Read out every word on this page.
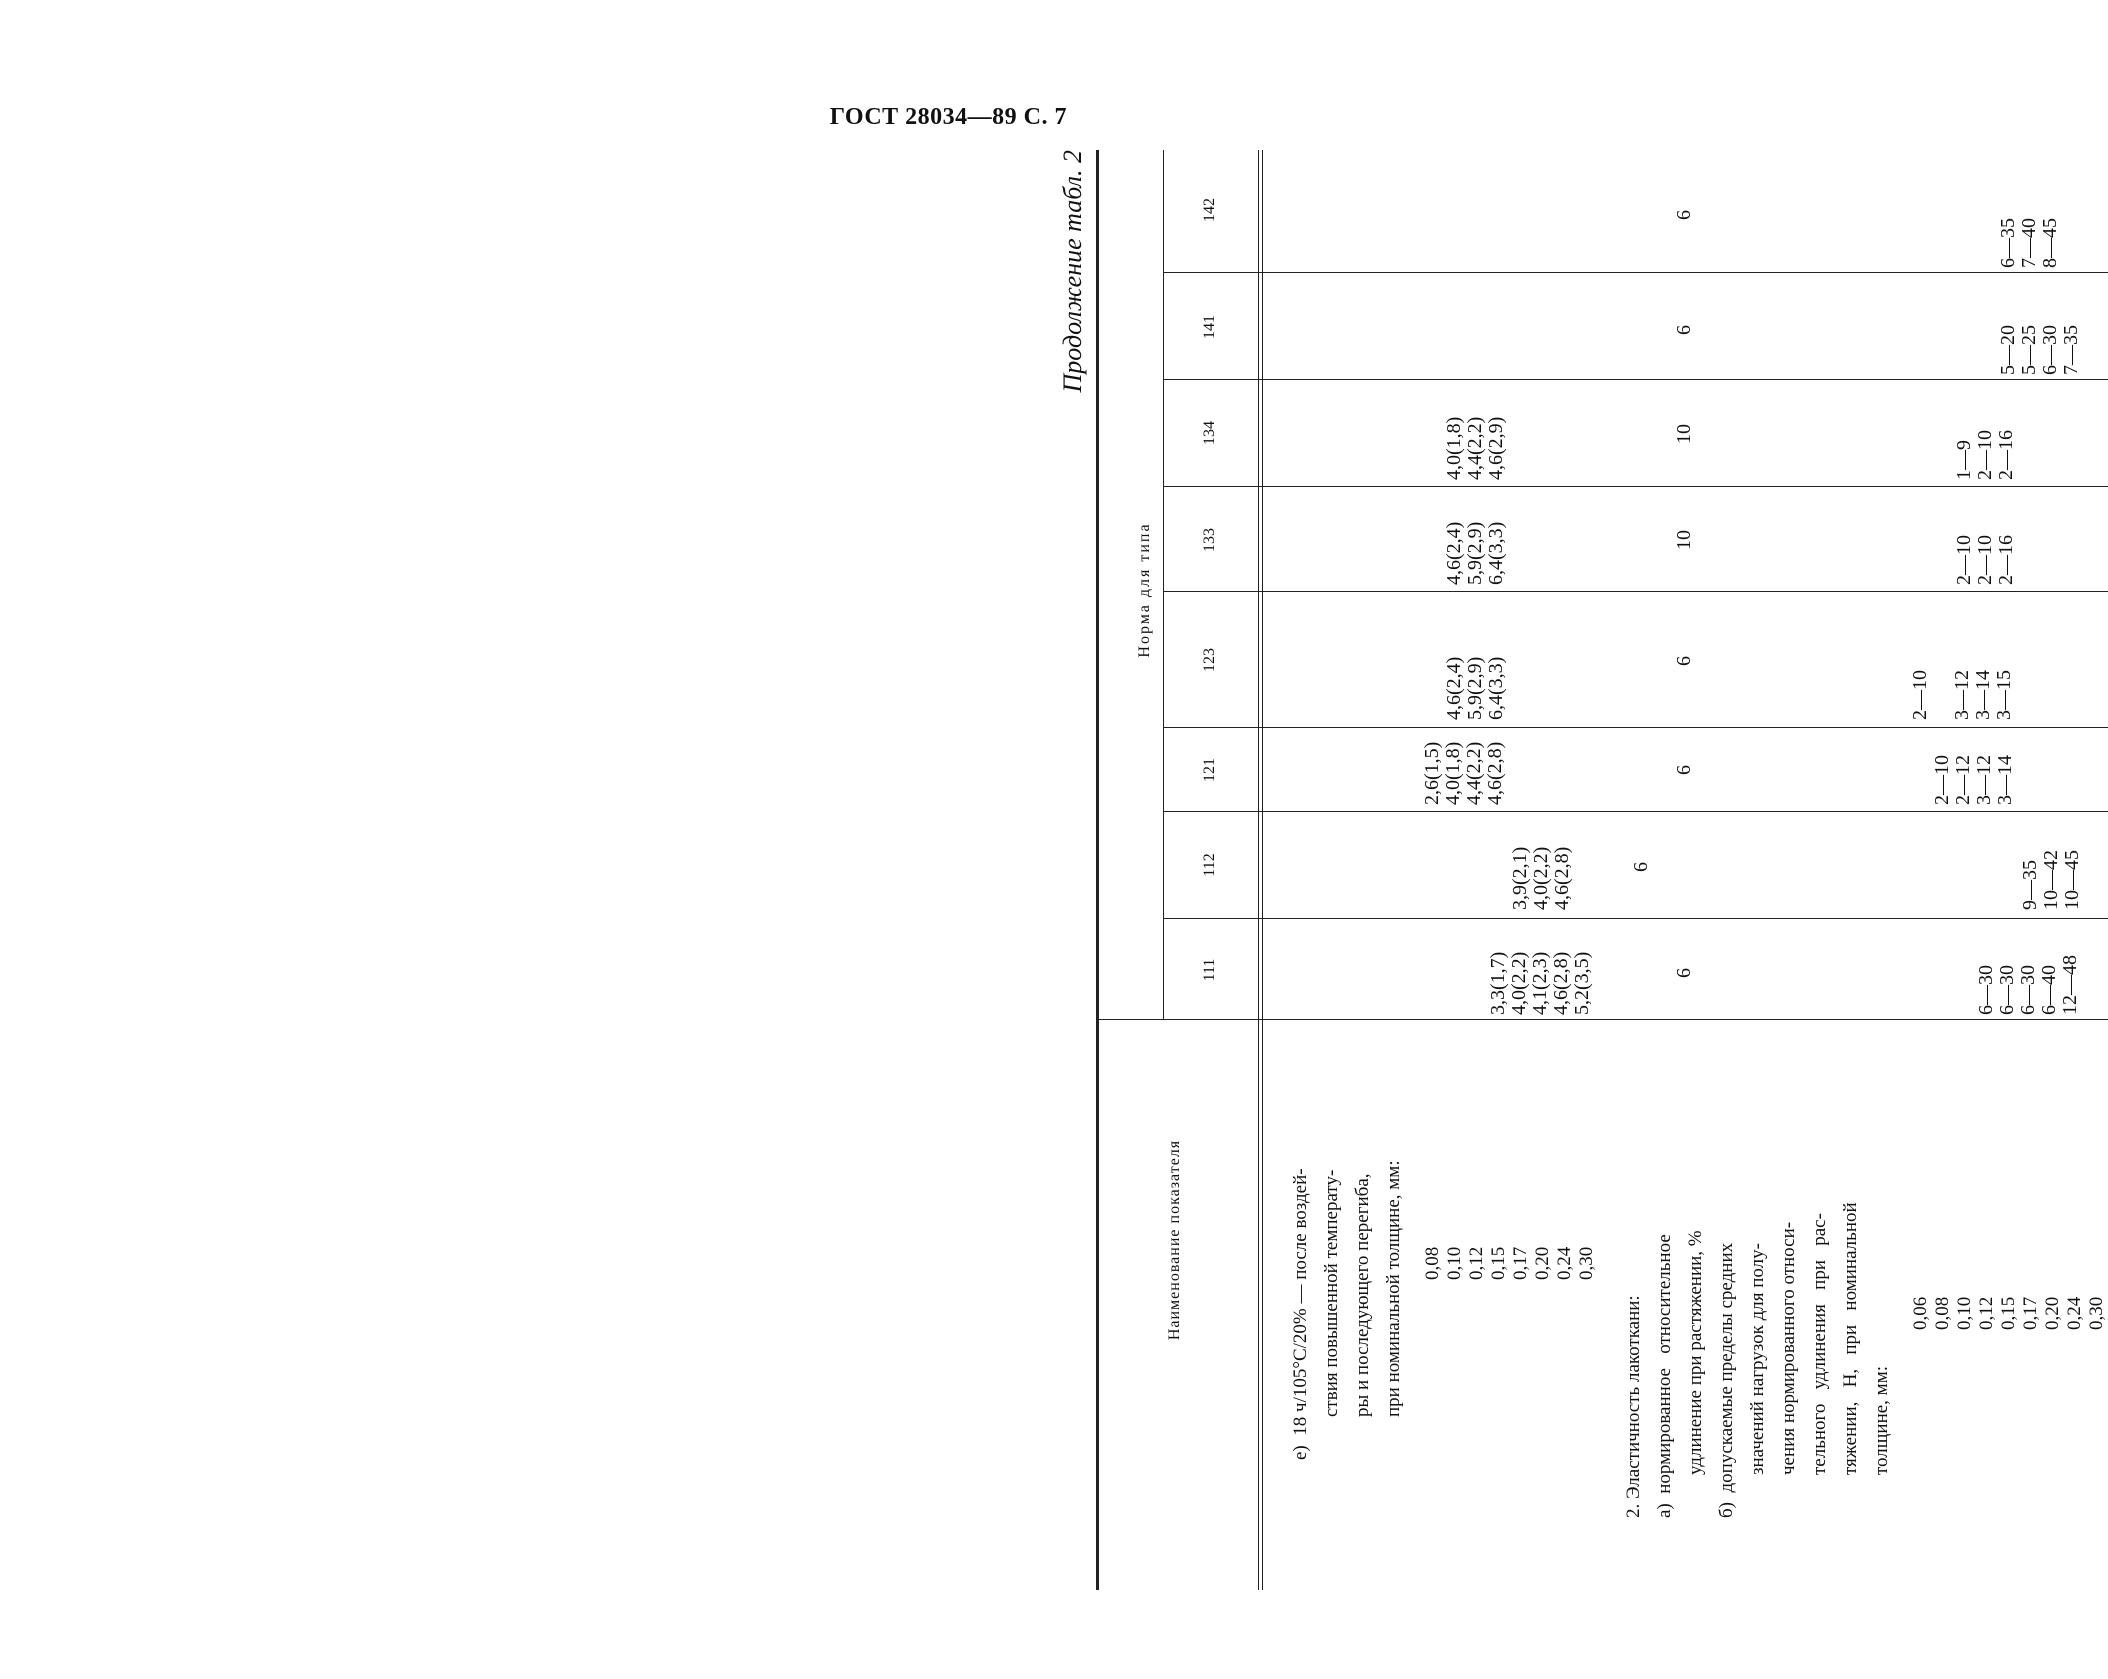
ГОСТ 28034—89 С. 7
Продолжение табл. 2
Наименование показателя
Норма для типа
111
112
121
123
133
134
141
142
е)  18 ч/105°C/20% — после воздей- ствия повышенной температу- ры и последующего перегиба, при номинальной толщине, мм: 0,08 0,10 0,12 0,15 0,17 0,20 0,24 0,30
3,3(1,7)
4,0(2,2)
4,1(2,3)
4,6(2,8)
5,2(3,5)
3,9(2,1)
4,0(2,2)
4,6(2,8)
2,6(1,5)
4,0(1,8)
4,4(2,2)
4,6(2,8)
4,6(2,4)
5,9(2,9)
6,4(3,3)
4,6(2,4)
5,9(2,9)
6,4(3,3)
4,0(1,8)
4,4(2,2)
4,6(2,9)
2. Эластичность лакоткани: а)  нормированное   относительное удлинение при растяжении, %
6
6
6
6
10
10
6
6
б)  допускаемые пределы средних значений нагрузок для полу- чения нормированного относи- тельного   удлинения   при   рас- тяжении,   Н,   при   номинальной толщине, мм:
0,06 0,08 0,10 0,12 0,15 0,17 0,20 0,24 0,30
6—30
6—30
6—30
6—40
12—48
9—35
10—42
10—45
2—10
2—12
3—12
3—14
2—10

3—12
3—14
3—15
2—10
2—10
2—16
1—9
2—10
2—16
5—20
5—25
6—30
7—35
6—35
7—40
8—45
